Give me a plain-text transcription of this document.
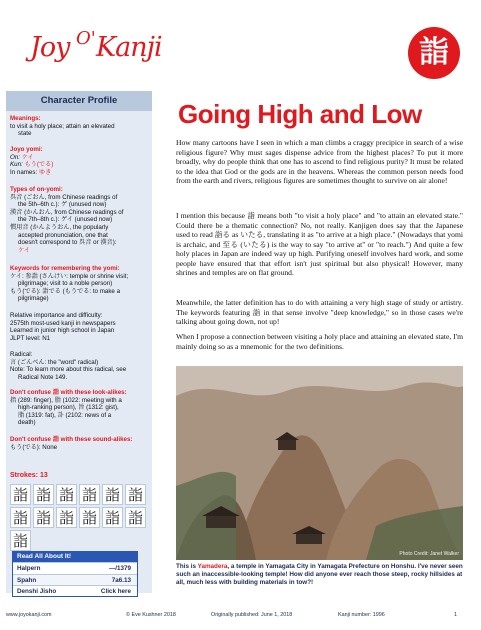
Joy O' Kanji	詣
Character Profile
Meanings:
to visit a holy place; attain an elevated
state
Joyo yomi:
On: ケイ
Kun: もう(でる)
In names: ゆき
Types of on-yomi:
呉音 (ごおん, from Chinese readings of
the 5th–6th c.): ゲ (unused now)
漢音 (かんおん, from Chinese readings of
the 7th–8th c.): ゲイ (unused now)
慣用音 (かんようおん, the popularly
accepted pronunciation, one that
doesn't correspond to 呉音 or 漢音):
ケイ
Keywords for remembering the yomi:
ケイ: 参詣 (さんけい: temple or shrine visit;
pilgrimage; visit to a noble person)
もう(でる): 詣でる (もうでる: to make a
pilgrimage)
Relative importance and difficulty:
2575th most-used kanji in newspapers
Learned in junior high school in Japan
JLPT level: N1
Radical:
言 (ごんべん: the "word" radical)
Note: To learn more about this radical, see
Radical Note 149.
Don't confuse 詣 with these look-alikes:
指 (289: finger), 脂 (1022: meeting with a
high-ranking person), 旨 (1312: gist),
脂 (1319: fat), 訃 (2102: news of a
death)
Don't confuse 詣 with these sound-alikes:
もう(でる): None
Strokes: 13
詣 詣 詣 詣 詣 詣
詣 詣 詣 詣 詣 詣
詣
Read All About It!
Halpern	—/1379
Spahn	7a6.13
Denshi Jisho	Click here
Going High and Low

How many cartoons have I seen in which a man climbs a craggy precipice in search of a wise religious figure? Why must sages dispense advice from the highest places? To put it more broadly, why do people think that one has to ascend to find religious purity? It must be related to the idea that God or the gods are in the heavens. Whereas the common person needs food from the earth and rivers, religious figures are sometimes thought to survive on air alone!

I mention this because 詣 means both "to visit a holy place" and "to attain an elevated state." Could there be a thematic connection? No, not really. Kanjigen does say that the Japanese used to read 詣る as いたる, translating it as "to arrive at a high place." (Nowadays that yomi is archaic, and 至る (いたる) is the way to say "to arrive at" or "to reach.") And quite a few holy places in Japan are indeed way up high. Purifying oneself involves hard work, and some people have ensured that that effort isn't just spiritual but also physical! However, many shrines and temples are on flat ground.

Meanwhile, the latter definition has to do with attaining a very high stage of study or artistry. The keywords featuring 詣 in that sense involve "deep knowledge," so in those cases we're talking about going down, not up!

When I propose a connection between visiting a holy place and attaining an elevated state, I'm mainly doing so as a mnemonic for the two definitions.

Photo Credit: Janet Walker
This is Yamadera, a temple in Yamagata City in Yamagata Prefecture on Honshu. I've never seen such an inaccessible-looking temple! How did anyone ever reach those steep, rocky hillsides at all, much less with building materials in tow?!
www.joyokanji.com	© Eve Kushner 2018	Originally published: June 1, 2018	Kanji number: 1996	1
